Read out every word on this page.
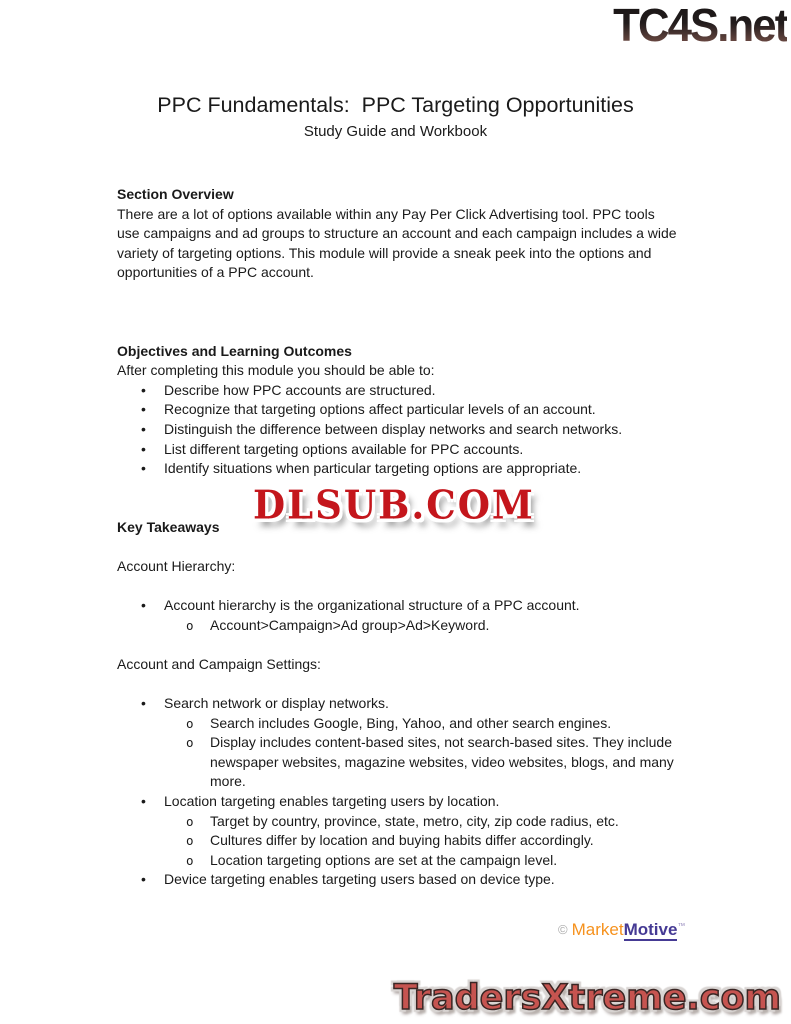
TC4S.net
PPC Fundamentals:  PPC Targeting Opportunities
Study Guide and Workbook

Section Overview

There are a lot of options available within any Pay Per Click Advertising tool. PPC tools use campaigns and ad groups to structure an account and each campaign includes a wide variety of targeting options. This module will provide a sneak peek into the options and opportunities of a PPC account.

Objectives and Learning Outcomes

After completing this module you should be able to:

•	Describe how PPC accounts are structured.
•	Recognize that targeting options affect particular levels of an account.
•	Distinguish the difference between display networks and search networks.
•	List different targeting options available for PPC accounts.
•	Identify situations when particular targeting options are appropriate.

Key Takeaways

Account Hierarchy:

•	Account hierarchy is the organizational structure of a PPC account.
o	Account>Campaign>Ad group>Ad>Keyword.

Account and Campaign Settings:

•	Search network or display networks.
o	Search includes Google, Bing, Yahoo, and other search engines.
o	Display includes content-based sites, not search-based sites. They include newspaper websites, magazine websites, video websites, blogs, and many more.
•	Location targeting enables targeting users by location.
o	Target by country, province, state, metro, city, zip code radius, etc.
o	Cultures differ by location and buying habits differ accordingly.
o	Location targeting options are set at the campaign level.
•	Device targeting enables targeting users based on device type.
DLSUB.COM
© MarketMotive™
TradersXtreme.com
